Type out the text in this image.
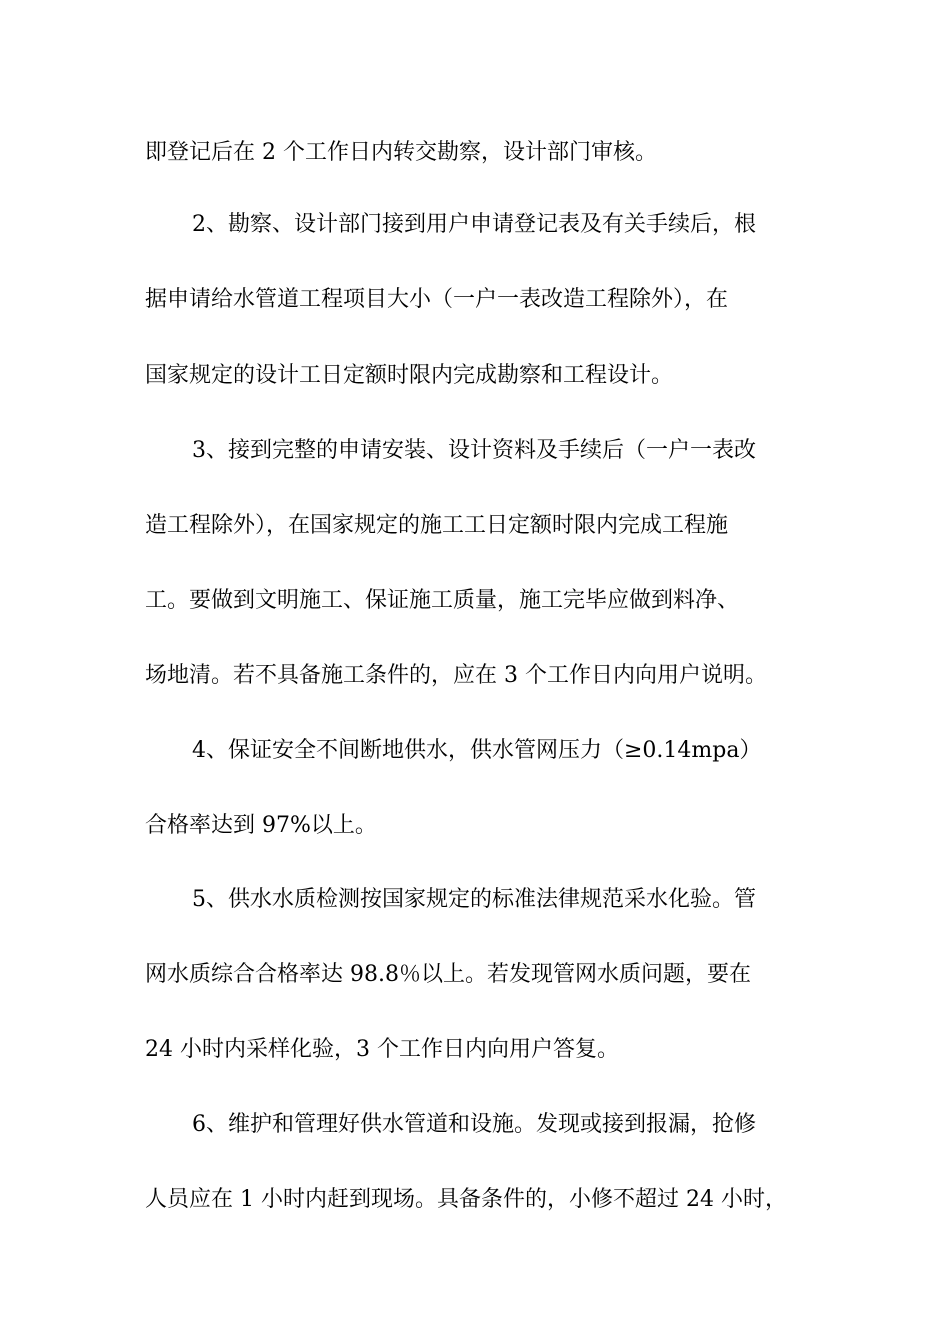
即登记后在 2 个工作日内转交勘察，设计部门审核。
2、勘察、设计部门接到用户申请登记表及有关手续后，根
据申请给水管道工程项目大小（一户一表改造工程除外），在
国家规定的设计工日定额时限内完成勘察和工程设计。
3、接到完整的申请安装、设计资料及手续后（一户一表改
造工程除外），在国家规定的施工工日定额时限内完成工程施
工。要做到文明施工、保证施工质量，施工完毕应做到料净、
场地清。若不具备施工条件的，应在 3 个工作日内向用户说明。
4、保证安全不间断地供水，供水管网压力（≥0.14mpa）
合格率达到 97%以上。
5、供水水质检测按国家规定的标准法律规范采水化验。管
网水质综合合格率达 98.8％以上。若发现管网水质问题，要在
24 小时内采样化验，3 个工作日内向用户答复。
6、维护和管理好供水管道和设施。发现或接到报漏，抢修
人员应在 1 小时内赶到现场。具备条件的，小修不超过 24 小时，
